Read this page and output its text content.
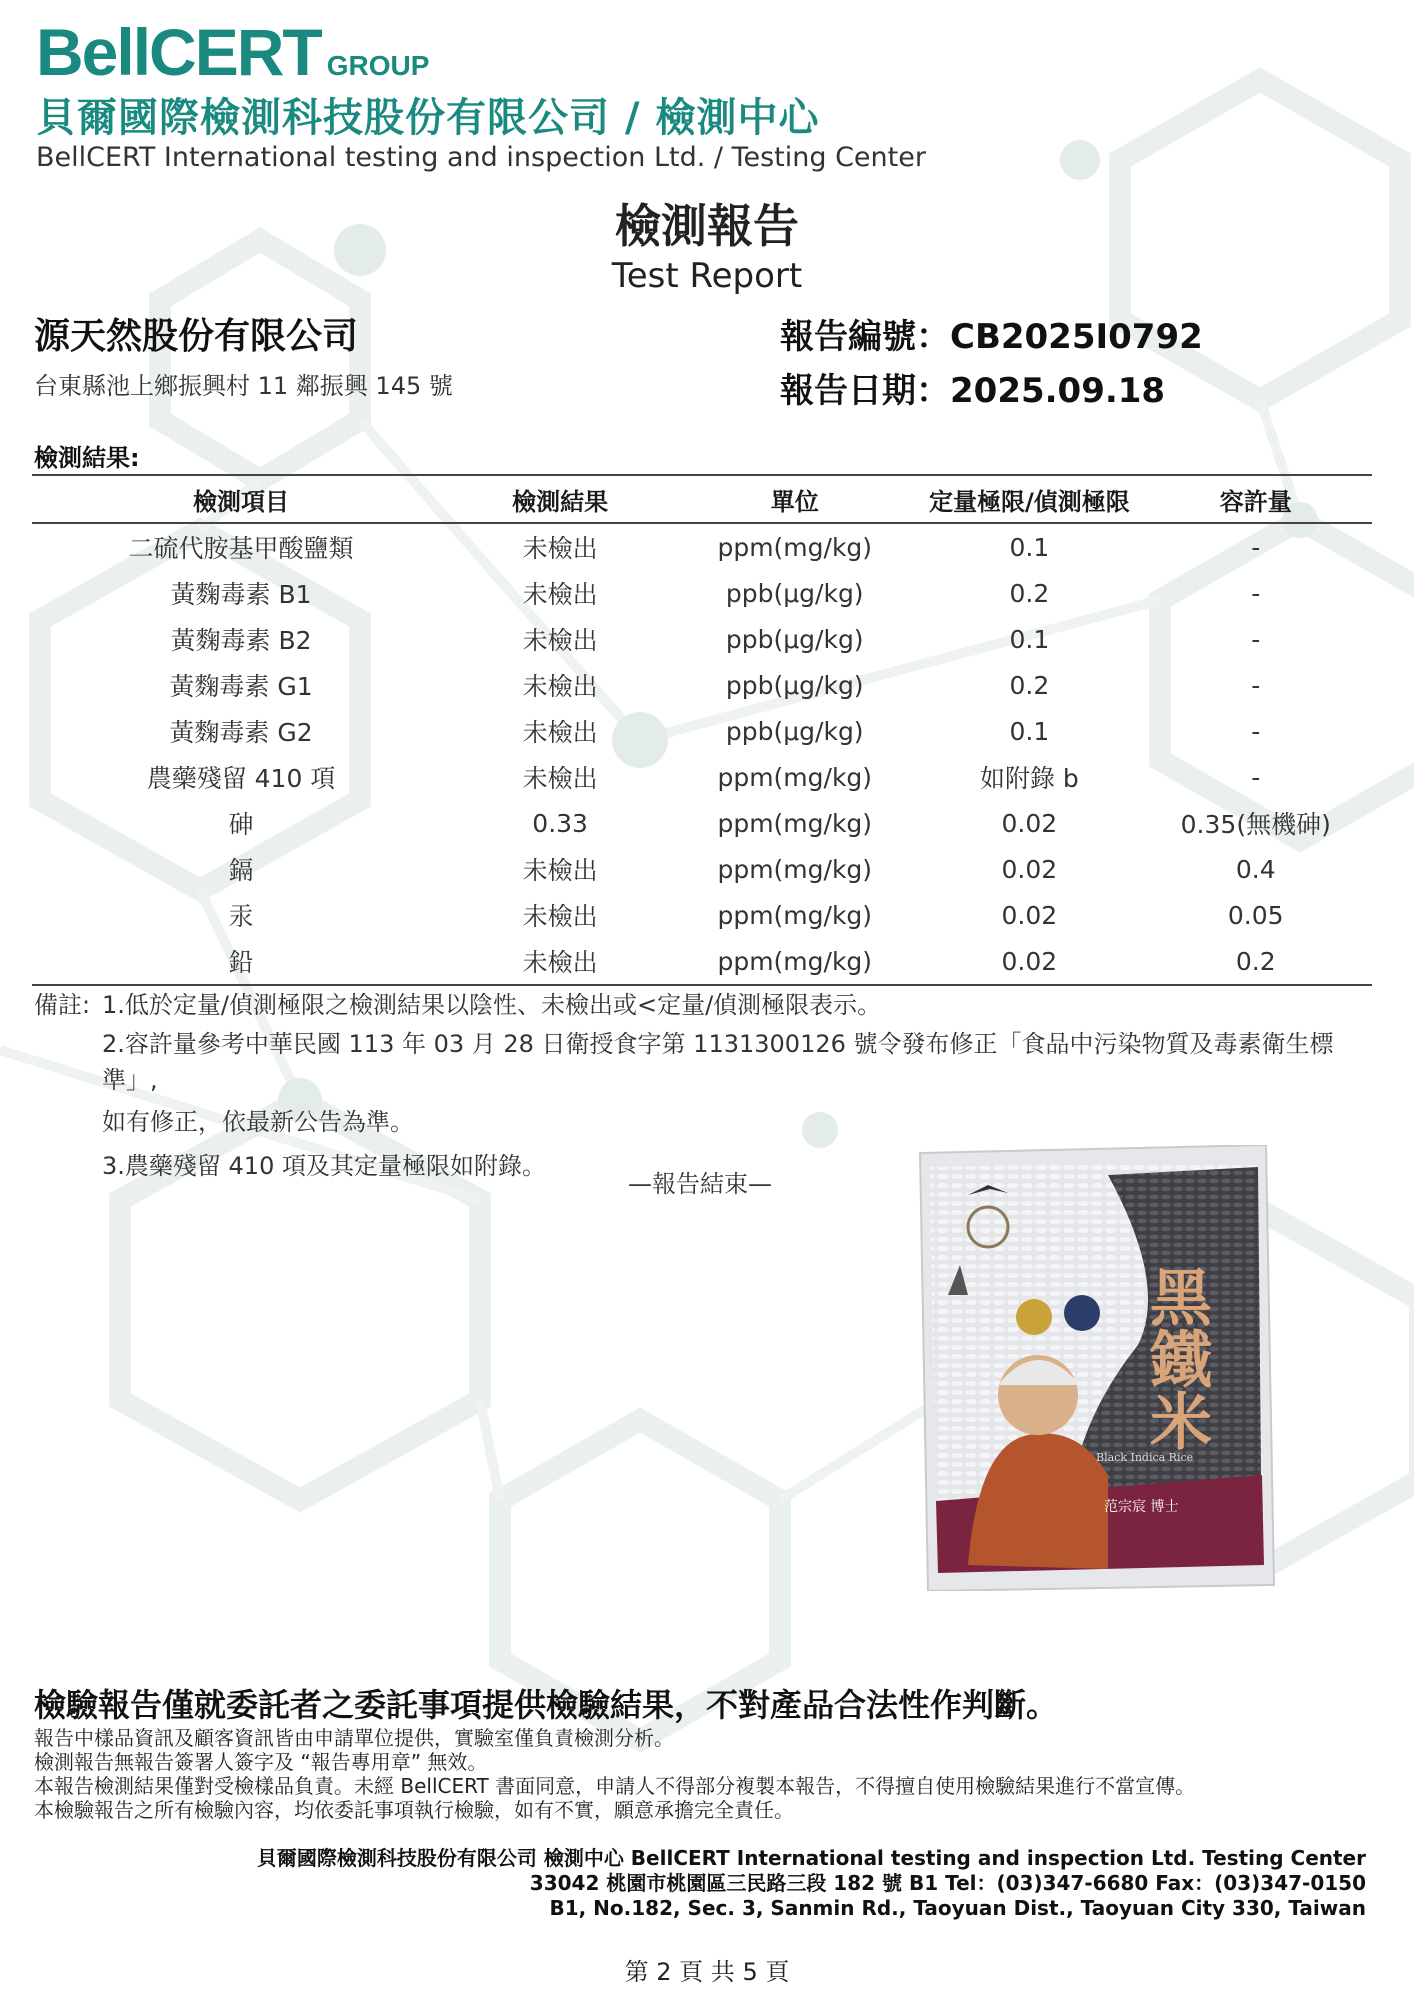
BellCERT GROUP
貝爾國際檢測科技股份有限公司 / 檢測中心
BellCERT International testing and inspection Ltd. / Testing Center
檢測報告
Test Report
源天然股份有限公司
台東縣池上鄉振興村 11 鄰振興 145 號
報告編號：CB2025I0792
報告日期：2025.09.18
檢測結果:
檢測項目	檢測結果	單位	定量極限/偵測極限	容許量
二硫代胺基甲酸鹽類	未檢出	ppm(mg/kg)	0.1	-
黃麴毒素 B1	未檢出	ppb(μg/kg)	0.2	-
黃麴毒素 B2	未檢出	ppb(μg/kg)	0.1	-
黃麴毒素 G1	未檢出	ppb(μg/kg)	0.2	-
黃麴毒素 G2	未檢出	ppb(μg/kg)	0.1	-
農藥殘留 410 項	未檢出	ppm(mg/kg)	如附錄 b	-
砷	0.33	ppm(mg/kg)	0.02	0.35(無機砷)
鎘	未檢出	ppm(mg/kg)	0.02	0.4
汞	未檢出	ppm(mg/kg)	0.02	0.05
鉛	未檢出	ppm(mg/kg)	0.02	0.2
備註: 1.低於定量/偵測極限之檢測結果以陰性、未檢出或<定量/偵測極限表示。
2.容許量參考中華民國 113 年 03 月 28 日衛授食字第 1131300126 號令發布修正「食品中污染物質及毒素衛生標準」,
如有修正，依最新公告為準。
3.農藥殘留 410 項及其定量極限如附錄。
—報告結束—
黑鐵米
Black Indica Rice
范宗宸 博士
檢驗報告僅就委託者之委託事項提供檢驗結果，不對產品合法性作判斷。
報告中樣品資訊及顧客資訊皆由申請單位提供，實驗室僅負責檢測分析。
檢測報告無報告簽署人簽字及 “報告專用章” 無效。
本報告檢測結果僅對受檢樣品負責。未經 BellCERT 書面同意，申請人不得部分複製本報告，不得擅自使用檢驗結果進行不當宣傳。
本檢驗報告之所有檢驗內容，均依委託事項執行檢驗，如有不實，願意承擔完全責任。
貝爾國際檢測科技股份有限公司 檢測中心 BellCERT International testing and inspection Ltd. Testing Center
33042 桃園市桃園區三民路三段 182 號 B1 Tel：(03)347-6680 Fax：(03)347-0150
B1, No.182, Sec. 3, Sanmin Rd., Taoyuan Dist., Taoyuan City 330, Taiwan
第 2 頁 共 5 頁
